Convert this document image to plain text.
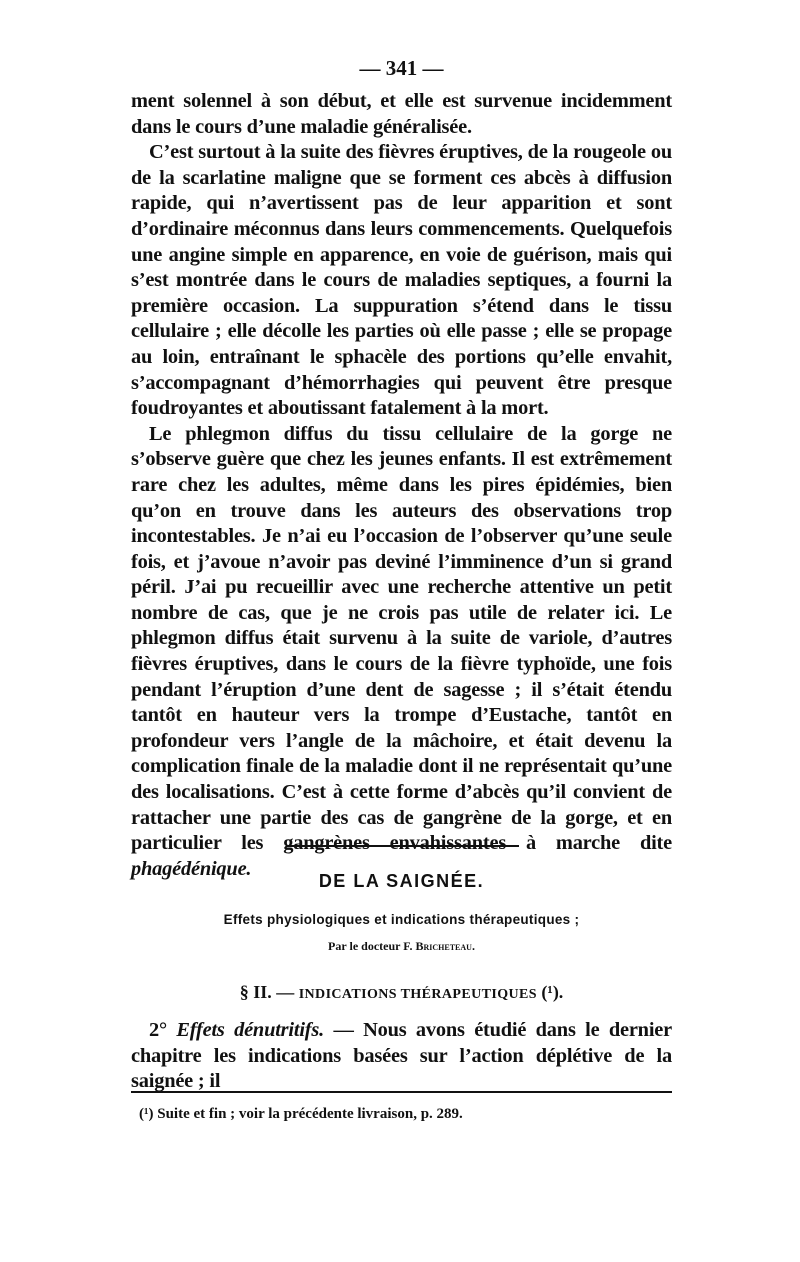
— 341 —

ment solennel à son début, et elle est survenue incidemment dans le cours d’une maladie généralisée.

C’est surtout à la suite des fièvres éruptives, de la rougeole ou de la scarlatine maligne que se forment ces abcès à diffusion rapide, qui n’avertissent pas de leur apparition et sont d’ordinaire méconnus dans leurs commencements. Quelquefois une angine simple en apparence, en voie de guérison, mais qui s’est montrée dans le cours de maladies septiques, a fourni la première occasion. La suppuration s’étend dans le tissu cellulaire ; elle décolle les parties où elle passe ; elle se propage au loin, entraînant le sphacèle des portions qu’elle envahit, s’accompagnant d’hémorrhagies qui peuvent être presque foudroyantes et aboutissant fatalement à la mort.

Le phlegmon diffus du tissu cellulaire de la gorge ne s’observe guère que chez les jeunes enfants. Il est extrêmement rare chez les adultes, même dans les pires épidémies, bien qu’on en trouve dans les auteurs des observations trop incontestables. Je n’ai eu l’occasion de l’observer qu’une seule fois, et j’avoue n’avoir pas deviné l’imminence d’un si grand péril. J’ai pu recueillir avec une recherche attentive un petit nombre de cas, que je ne crois pas utile de relater ici. Le phlegmon diffus était survenu à la suite de variole, d’autres fièvres éruptives, dans le cours de la fièvre typhoïde, une fois pendant l’éruption d’une dent de sagesse ; il s’était étendu tantôt en hauteur vers la trompe d’Eustache, tantôt en profondeur vers l’angle de la mâchoire, et était devenu la complication finale de la maladie dont il ne représentait qu’une des localisations. C’est à cette forme d’abcès qu’il convient de rattacher une partie des cas de gangrène de la gorge, et en particulier les gangrènes envahissantes à marche dite phagédénique.

DE LA SAIGNÉE.
Effets physiologiques et indications thérapeutiques ;
Par le docteur F. Bricheteau.
§ II. — INDICATIONS THÉRAPEUTIQUES (¹).

2° Effets dénutritifs. — Nous avons étudié dans le dernier chapitre les indications basées sur l’action déplétive de la saignée ; il

(¹) Suite et fin ; voir la précédente livraison, p. 289.
